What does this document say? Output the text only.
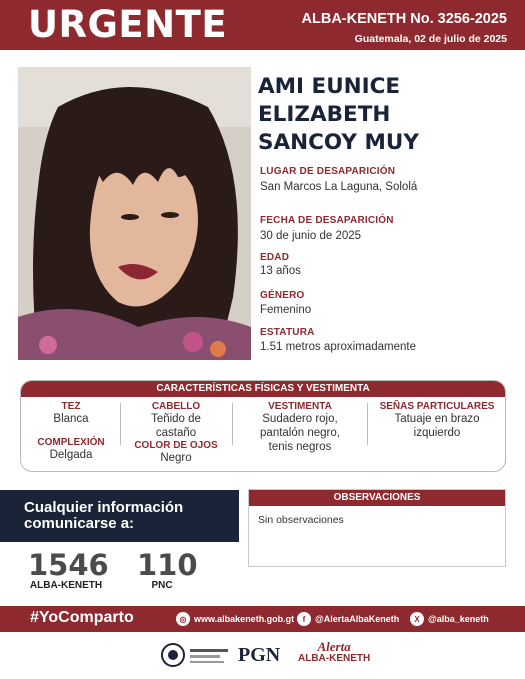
URGENTE	ALBA-KENETH No. 3256-2025
Guatemala, 02 de julio de 2025
AMI EUNICE
ELIZABETH
SANCOY MUY
LUGAR DE DESAPARICIÓN
San Marcos La Laguna, Sololá
FECHA DE DESAPARICIÓN
30 de junio de 2025
EDAD
13 años
GÉNERO
Femenino
ESTATURA
1.51 metros aproximadamente
CARACTERÍSTICAS FÍSICAS Y VESTIMENTA
TEZ
Blanca
COMPLEXIÓN
Delgada
CABELLO
Teñido de
castaño
COLOR DE OJOS
Negro
VESTIMENTA
Sudadero rojo,
pantalón negro,
tenis negros
SEÑAS PARTICULARES
Tatuaje en brazo
izquierdo
Cualquier información
comunicarse a:
1546
ALBA-KENETH
110
PNC
OBSERVACIONES
Sin observaciones
#YoComparto	◎ www.albakeneth.gob.gt	f	@AlertaAlbaKeneth	X @alba_keneth
PGN	Alerta
ALBA-KENETH
